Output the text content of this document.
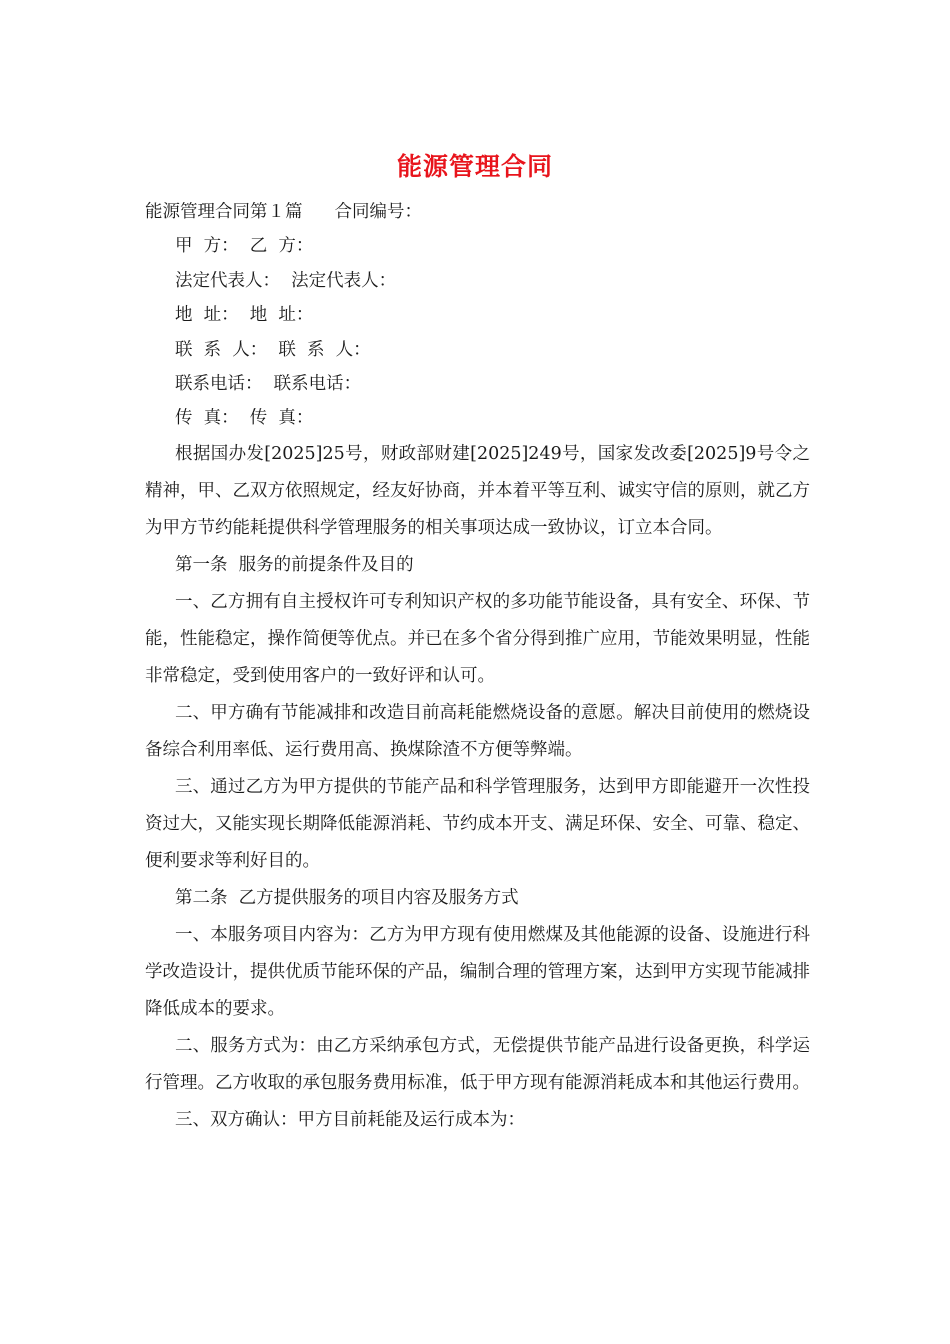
能源管理合同
能源管理合同第１篇 合同编号：
甲  方：  乙  方：
法定代表人：  法定代表人：
地  址：  地  址：
联  系  人：  联  系  人：
联系电话：  联系电话：
传  真：  传  真：
根据国办发[2025]25号，财政部财建[2025]249号，国家发改委[2025]9号令之精神，甲、乙双方依照规定，经友好协商，并本着平等互利、诚实守信的原则，就乙方为甲方节约能耗提供科学管理服务的相关事项达成一致协议，订立本合同。
第一条  服务的前提条件及目的
一、乙方拥有自主授权许可专利知识产权的多功能节能设备，具有安全、环保、节能，性能稳定，操作简便等优点。并已在多个省分得到推广应用，节能效果明显，性能非常稳定，受到使用客户的一致好评和认可。
二、甲方确有节能减排和改造目前高耗能燃烧设备的意愿。解决目前使用的燃烧设备综合利用率低、运行费用高、换煤除渣不方便等弊端。
三、通过乙方为甲方提供的节能产品和科学管理服务，达到甲方即能避开一次性投资过大，又能实现长期降低能源消耗、节约成本开支、满足环保、安全、可靠、稳定、便利要求等利好目的。
第二条  乙方提供服务的项目内容及服务方式
一、本服务项目内容为：乙方为甲方现有使用燃煤及其他能源的设备、设施进行科学改造设计，提供优质节能环保的产品，编制合理的管理方案，达到甲方实现节能减排降低成本的要求。
二、服务方式为：由乙方采纳承包方式，无偿提供节能产品进行设备更换，科学运行管理。乙方收取的承包服务费用标准，低于甲方现有能源消耗成本和其他运行费用。
三、双方确认：甲方目前耗能及运行成本为：
